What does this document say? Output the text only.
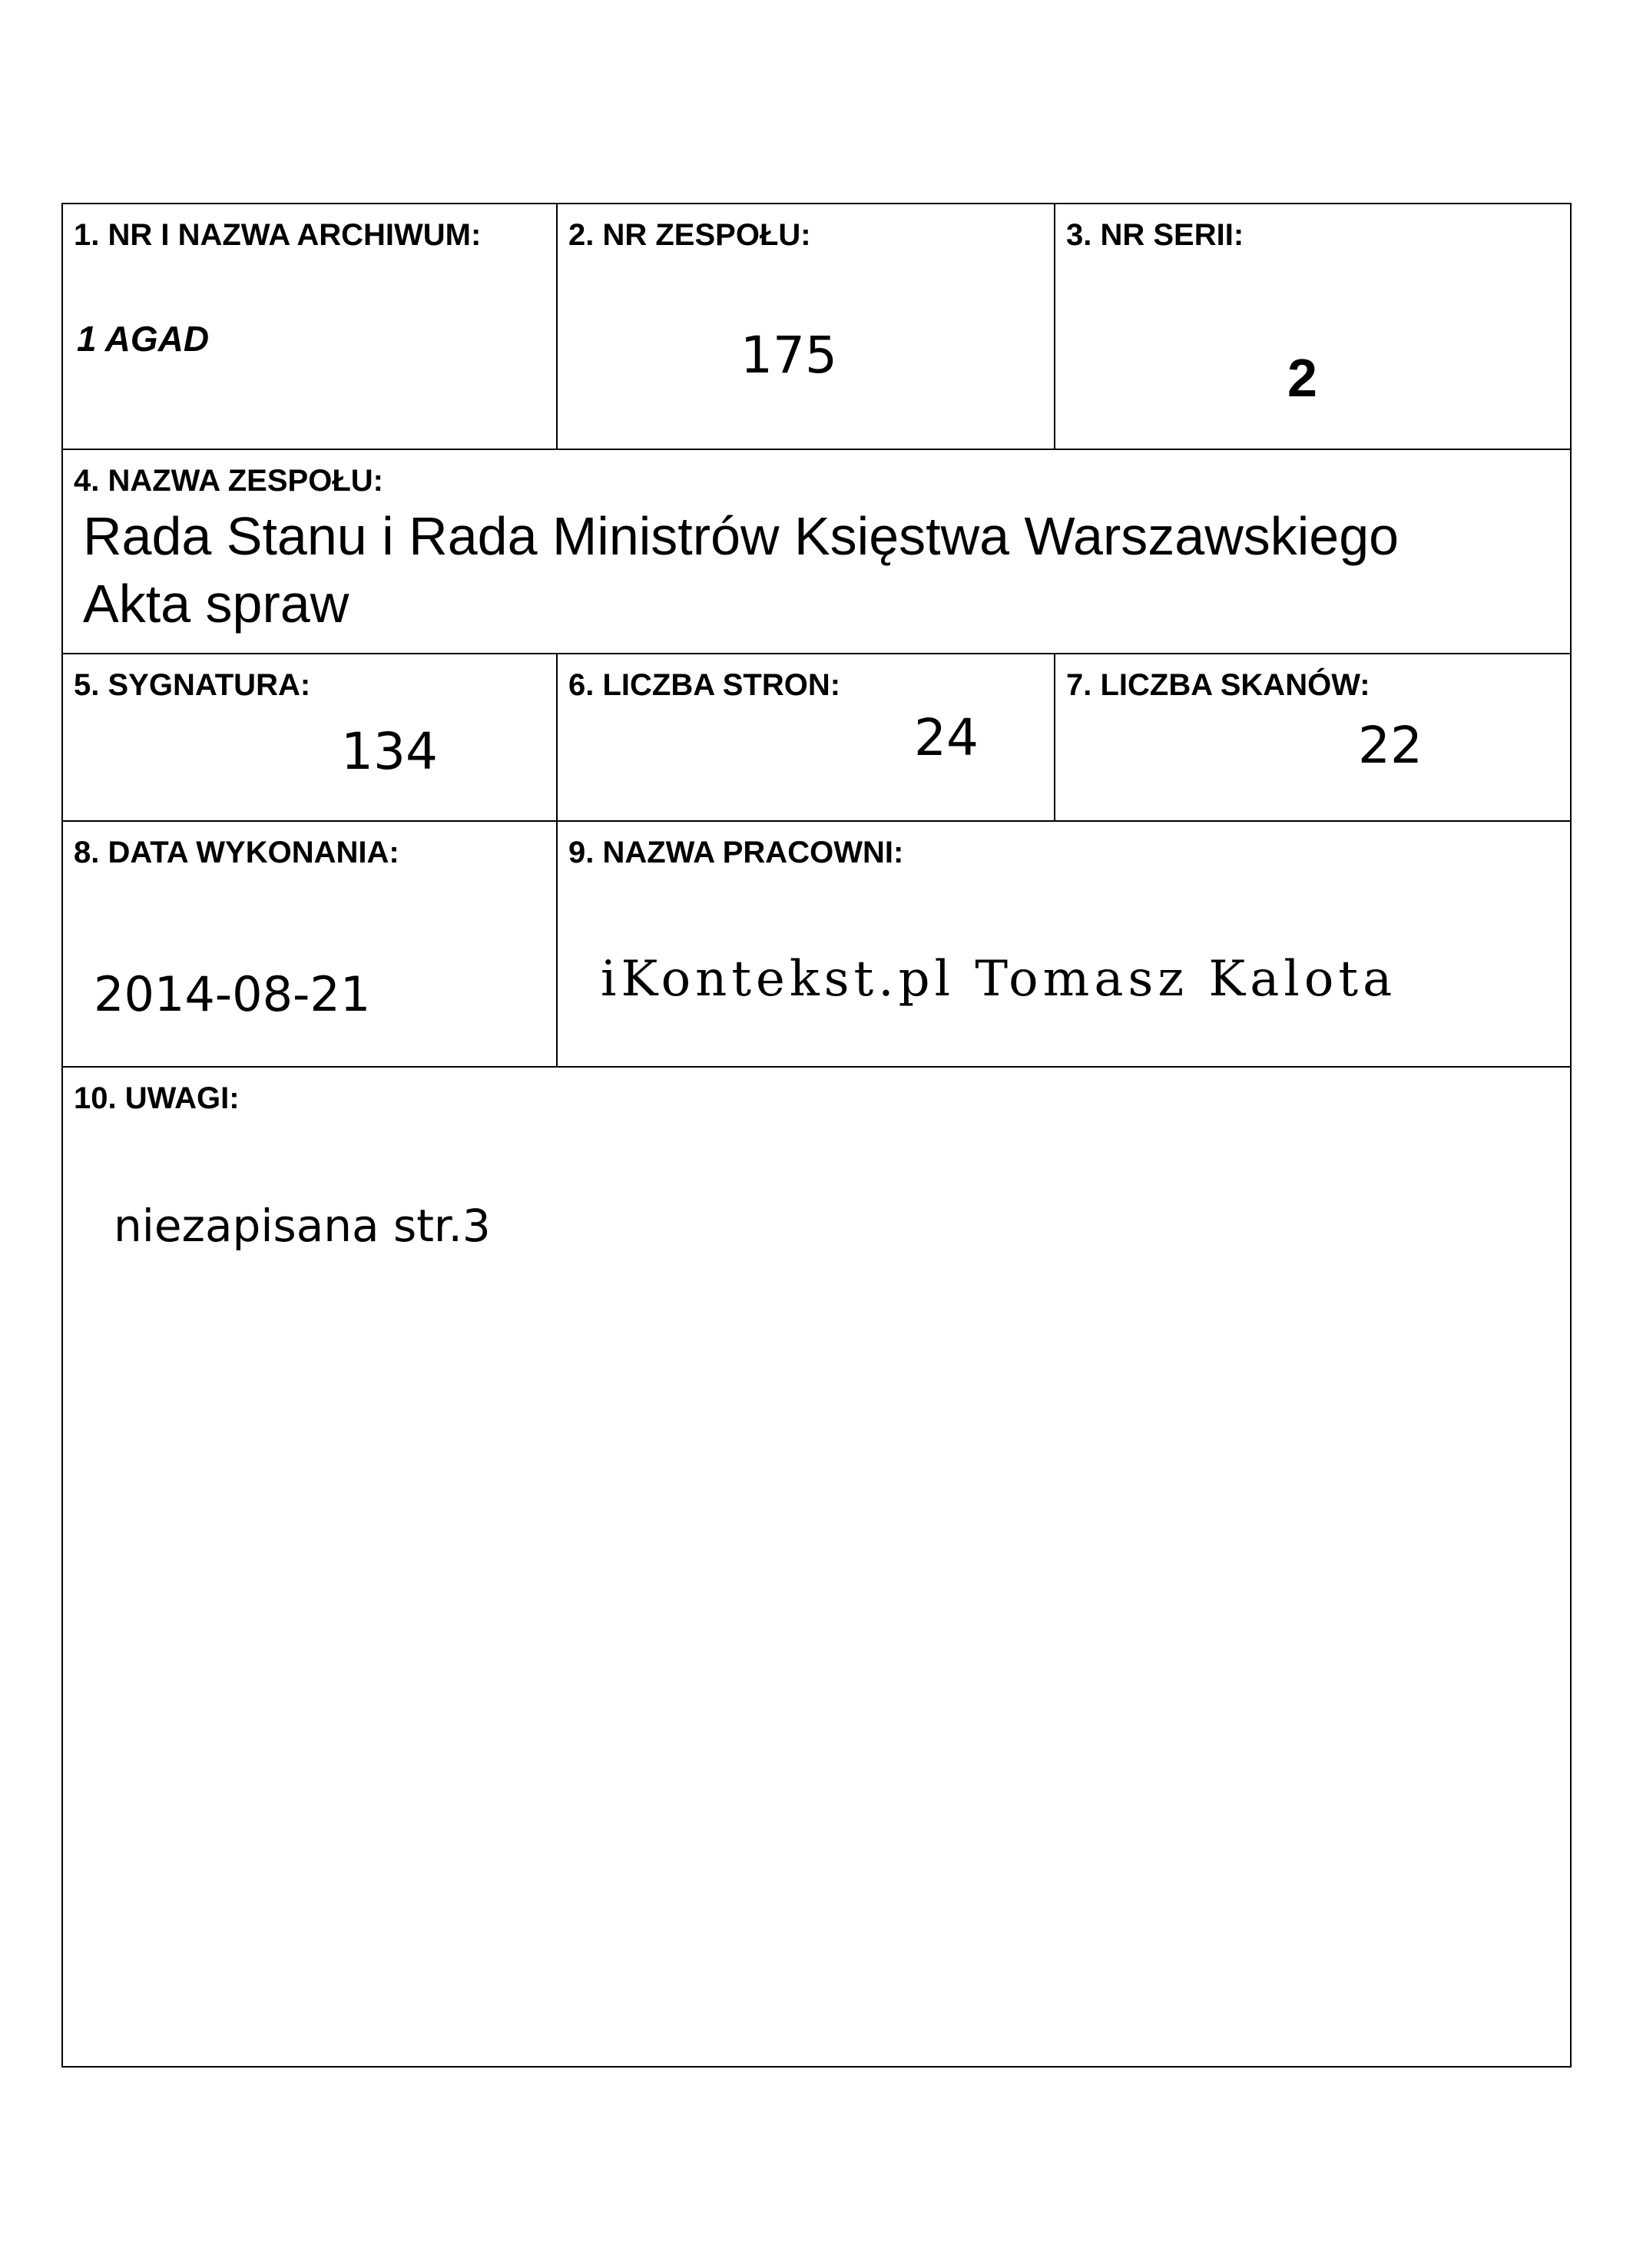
1. NR I NAZWA ARCHIWUM:
1 AGAD
2. NR ZESPOŁU:
175
3. NR SERII:
2
4. NAZWA ZESPOŁU:
Rada Stanu i Rada Ministrów Księstwa Warszawskiego
Akta spraw
5. SYGNATURA:
134
6. LICZBA STRON:
24
7. LICZBA SKANÓW:
22
8. DATA WYKONANIA:
2014-08-21
9. NAZWA PRACOWNI:
iKontekst.pl Tomasz Kalota
10. UWAGI:
niezapisana str.3
